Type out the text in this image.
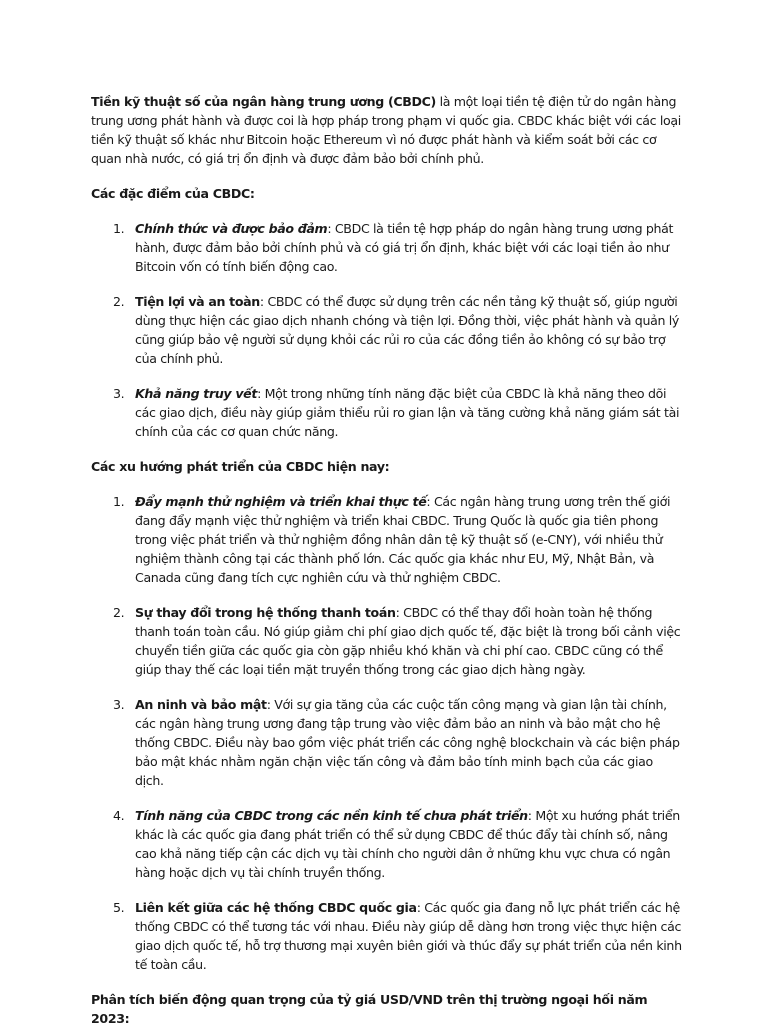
Tiền kỹ thuật số của ngân hàng trung ương (CBDC) là một loại tiền tệ điện tử do ngân hàng trung ương phát hành và được coi là hợp pháp trong phạm vi quốc gia. CBDC khác biệt với các loại tiền kỹ thuật số khác như Bitcoin hoặc Ethereum vì nó được phát hành và kiểm soát bởi các cơ quan nhà nước, có giá trị ổn định và được đảm bảo bởi chính phủ.

Các đặc điểm của CBDC:

1. Chính thức và được bảo đảm: CBDC là tiền tệ hợp pháp do ngân hàng trung ương phát hành, được đảm bảo bởi chính phủ và có giá trị ổn định, khác biệt với các loại tiền ảo như Bitcoin vốn có tính biến động cao.
2. Tiện lợi và an toàn: CBDC có thể được sử dụng trên các nền tảng kỹ thuật số, giúp người dùng thực hiện các giao dịch nhanh chóng và tiện lợi. Đồng thời, việc phát hành và quản lý cũng giúp bảo vệ người sử dụng khỏi các rủi ro của các đồng tiền ảo không có sự bảo trợ của chính phủ.
3. Khả năng truy vết: Một trong những tính năng đặc biệt của CBDC là khả năng theo dõi các giao dịch, điều này giúp giảm thiểu rủi ro gian lận và tăng cường khả năng giám sát tài chính của các cơ quan chức năng.

Các xu hướng phát triển của CBDC hiện nay:

1. Đẩy mạnh thử nghiệm và triển khai thực tế: Các ngân hàng trung ương trên thế giới đang đẩy mạnh việc thử nghiệm và triển khai CBDC. Trung Quốc là quốc gia tiên phong trong việc phát triển và thử nghiệm đồng nhân dân tệ kỹ thuật số (e-CNY), với nhiều thử nghiệm thành công tại các thành phố lớn. Các quốc gia khác như EU, Mỹ, Nhật Bản, và Canada cũng đang tích cực nghiên cứu và thử nghiệm CBDC.
2. Sự thay đổi trong hệ thống thanh toán: CBDC có thể thay đổi hoàn toàn hệ thống thanh toán toàn cầu. Nó giúp giảm chi phí giao dịch quốc tế, đặc biệt là trong bối cảnh việc chuyển tiền giữa các quốc gia còn gặp nhiều khó khăn và chi phí cao. CBDC cũng có thể giúp thay thế các loại tiền mặt truyền thống trong các giao dịch hàng ngày.
3. An ninh và bảo mật: Với sự gia tăng của các cuộc tấn công mạng và gian lận tài chính, các ngân hàng trung ương đang tập trung vào việc đảm bảo an ninh và bảo mật cho hệ thống CBDC. Điều này bao gồm việc phát triển các công nghệ blockchain và các biện pháp bảo mật khác nhằm ngăn chặn việc tấn công và đảm bảo tính minh bạch của các giao dịch.
4. Tính năng của CBDC trong các nền kinh tế chưa phát triển: Một xu hướng phát triển khác là các quốc gia đang phát triển có thể sử dụng CBDC để thúc đẩy tài chính số, nâng cao khả năng tiếp cận các dịch vụ tài chính cho người dân ở những khu vực chưa có ngân hàng hoặc dịch vụ tài chính truyền thống.
5. Liên kết giữa các hệ thống CBDC quốc gia: Các quốc gia đang nỗ lực phát triển các hệ thống CBDC có thể tương tác với nhau. Điều này giúp dễ dàng hơn trong việc thực hiện các giao dịch quốc tế, hỗ trợ thương mại xuyên biên giới và thúc đẩy sự phát triển của nền kinh tế toàn cầu.

Phân tích biến động quan trọng của tỷ giá USD/VND trên thị trường ngoại hối năm 2023:
